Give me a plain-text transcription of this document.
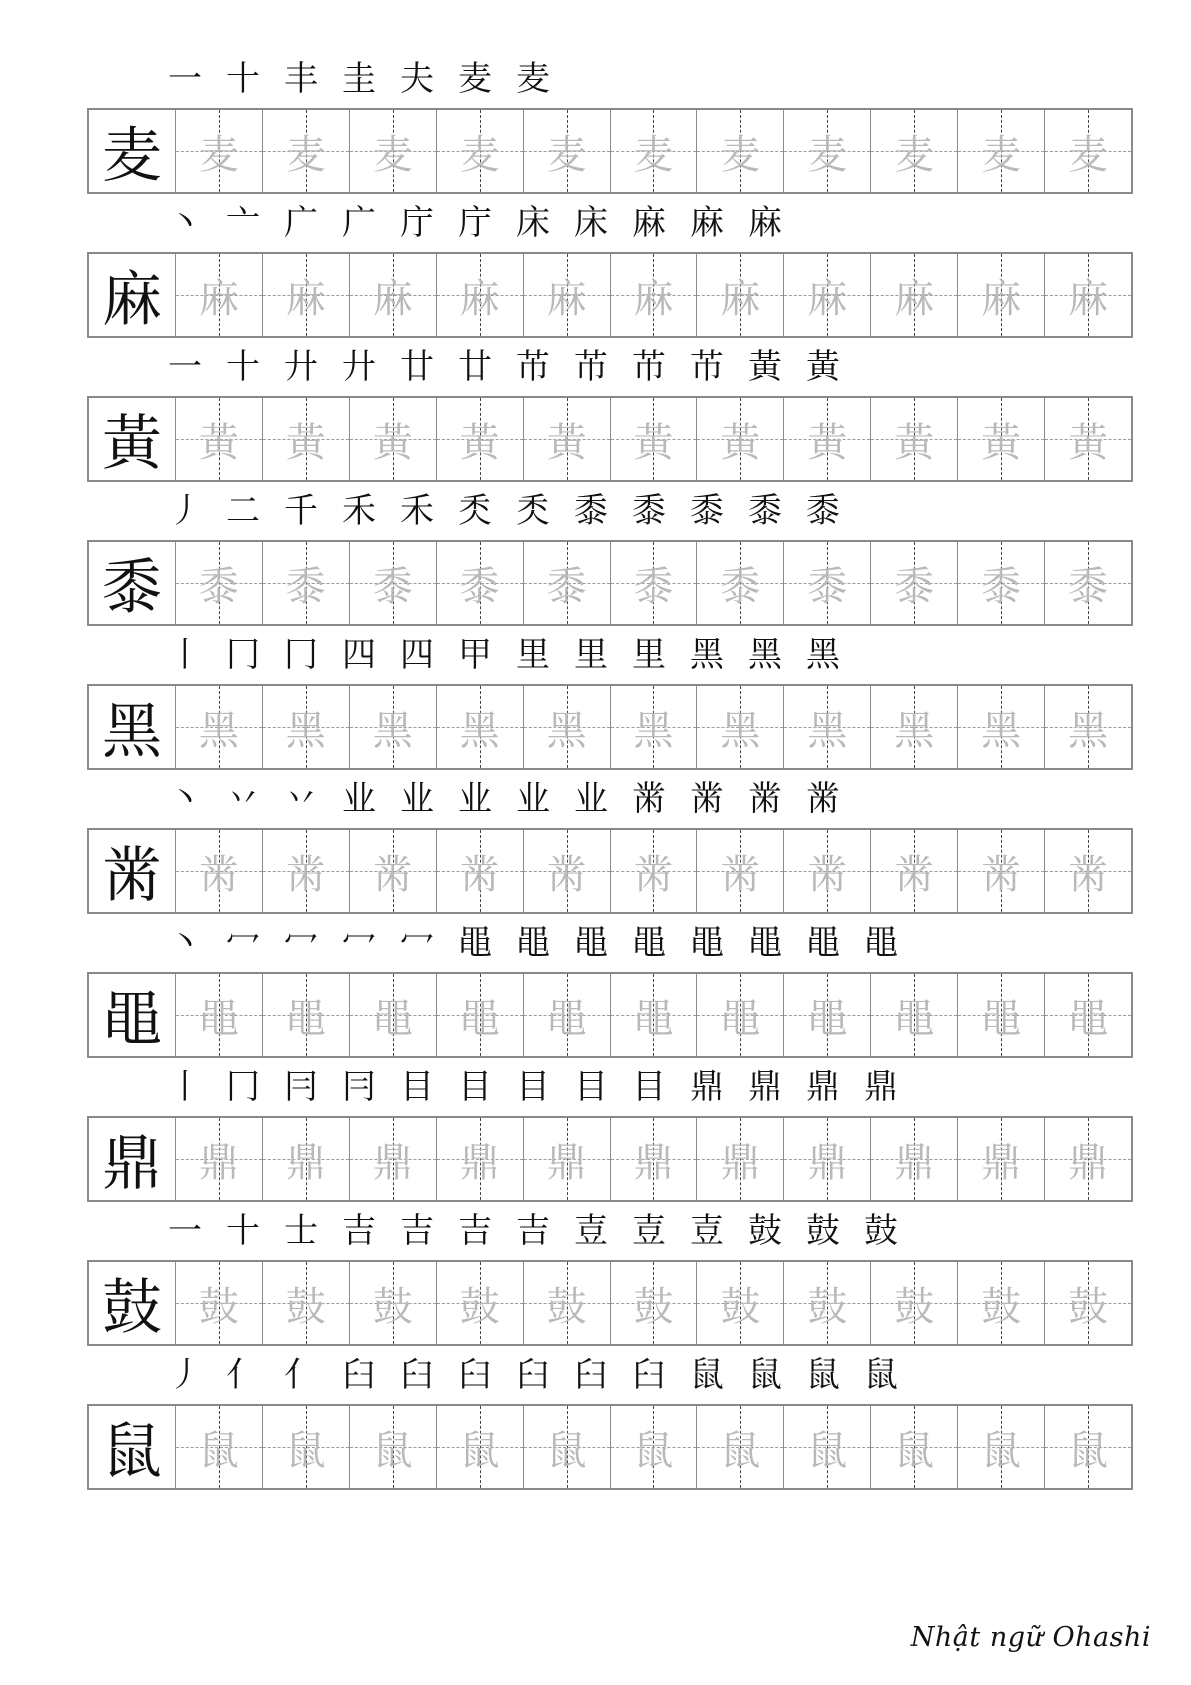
一 十 丰 圭 夫 麦 麦
麦 麦 麦 麦 麦 麦 麦 麦 麦 麦 麦 麦
丶 亠 广 广 庁 庁 床 床 麻 麻 麻
麻 麻 麻 麻 麻 麻 麻 麻 麻 麻 麻 麻
一 十 廾 廾 廿 廿 芇 芇 芇 芇 黃 黃
黃 黃 黃 黃 黃 黃 黃 黃 黃 黃 黃 黃
丿 二 千 禾 禾 秂 秂 黍 黍 黍 黍 黍
黍 黍 黍 黍 黍 黍 黍 黍 黍 黍 黍 黍
丨 冂 冂 四 四 甲 里 里 里 黑 黑 黑
黑 黑 黑 黑 黑 黑 黑 黑 黑 黑 黑 黑
丶 丷 丷 业 业 业 业 业 黹 黹 黹 黹
黹 黹 黹 黹 黹 黹 黹 黹 黹 黹 黹 黹
丶 冖 冖 冖 冖 黽 黽 黽 黽 黽 黽 黽 黽
黽 黽 黽 黽 黽 黽 黽 黽 黽 黽 黽 黽
丨 冂 冃 冃 目 目 目 目 目 鼎 鼎 鼎 鼎
鼎 鼎 鼎 鼎 鼎 鼎 鼎 鼎 鼎 鼎 鼎 鼎
一 十 士 吉 吉 吉 吉 壴 壴 壴 鼓 鼓 鼓
鼓 鼓 鼓 鼓 鼓 鼓 鼓 鼓 鼓 鼓 鼓 鼓
丿 亻 亻 臼 臼 臼 臼 臼 臼 鼠 鼠 鼠 鼠
鼠 鼠 鼠 鼠 鼠 鼠 鼠 鼠 鼠 鼠 鼠 鼠
Nhật ngữ Ohashi
